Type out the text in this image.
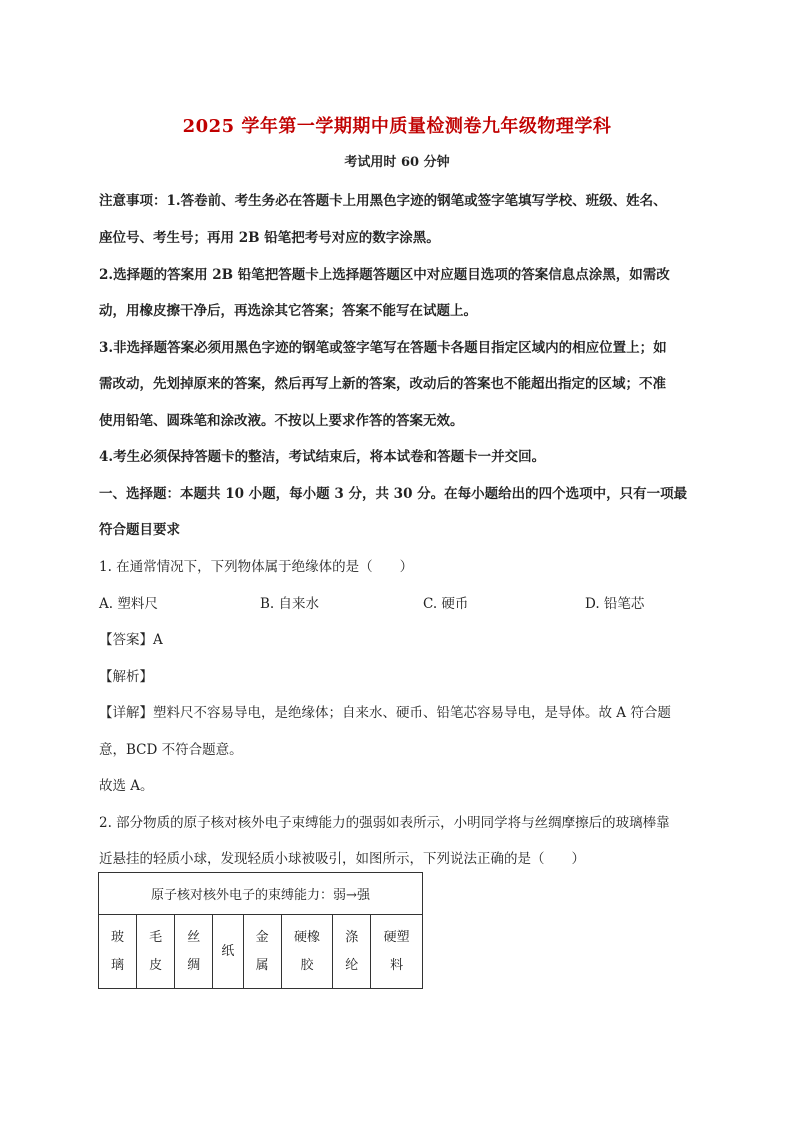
2025 学年第一学期期中质量检测卷九年级物理学科
考试用时 60 分钟
注意事项：1.答卷前、考生务必在答题卡上用黑色字迹的钢笔或签字笔填写学校、班级、姓名、
座位号、考生号；再用 2B 铅笔把考号对应的数字涂黑。
2.选择题的答案用 2B 铅笔把答题卡上选择题答题区中对应题目选项的答案信息点涂黑，如需改
动，用橡皮擦干净后，再选涂其它答案；答案不能写在试题上。
3.非选择题答案必须用黑色字迹的钢笔或签字笔写在答题卡各题目指定区域内的相应位置上；如
需改动，先划掉原来的答案，然后再写上新的答案，改动后的答案也不能超出指定的区域；不准
使用铅笔、圆珠笔和涂改液。不按以上要求作答的答案无效。
4.考生必须保持答题卡的整洁，考试结束后，将本试卷和答题卡一并交回。
一、选择题：本题共 10 小题，每小题 3 分，共 30 分。在每小题给出的四个选项中，只有一项最
符合题目要求
1. 在通常情况下，下列物体属于绝缘体的是（　　）
A. 塑料尺	B. 自来水	C. 硬币	D. 铅笔芯
【答案】A
【解析】
【详解】塑料尺不容易导电，是绝缘体；自来水、硬币、铅笔芯容易导电，是导体。故 A 符合题
意，BCD 不符合题意。
故选 A。
2. 部分物质的原子核对核外电子束缚能力的强弱如表所示，小明同学将与丝绸摩擦后的玻璃棒靠
近悬挂的轻质小球，发现轻质小球被吸引，如图所示，下列说法正确的是（　　）
原子核对核外电子的束缚能力：弱→强
玻
璃	毛
皮	丝
绸	纸	金
属	硬橡
胶	涤
纶	硬塑
料
